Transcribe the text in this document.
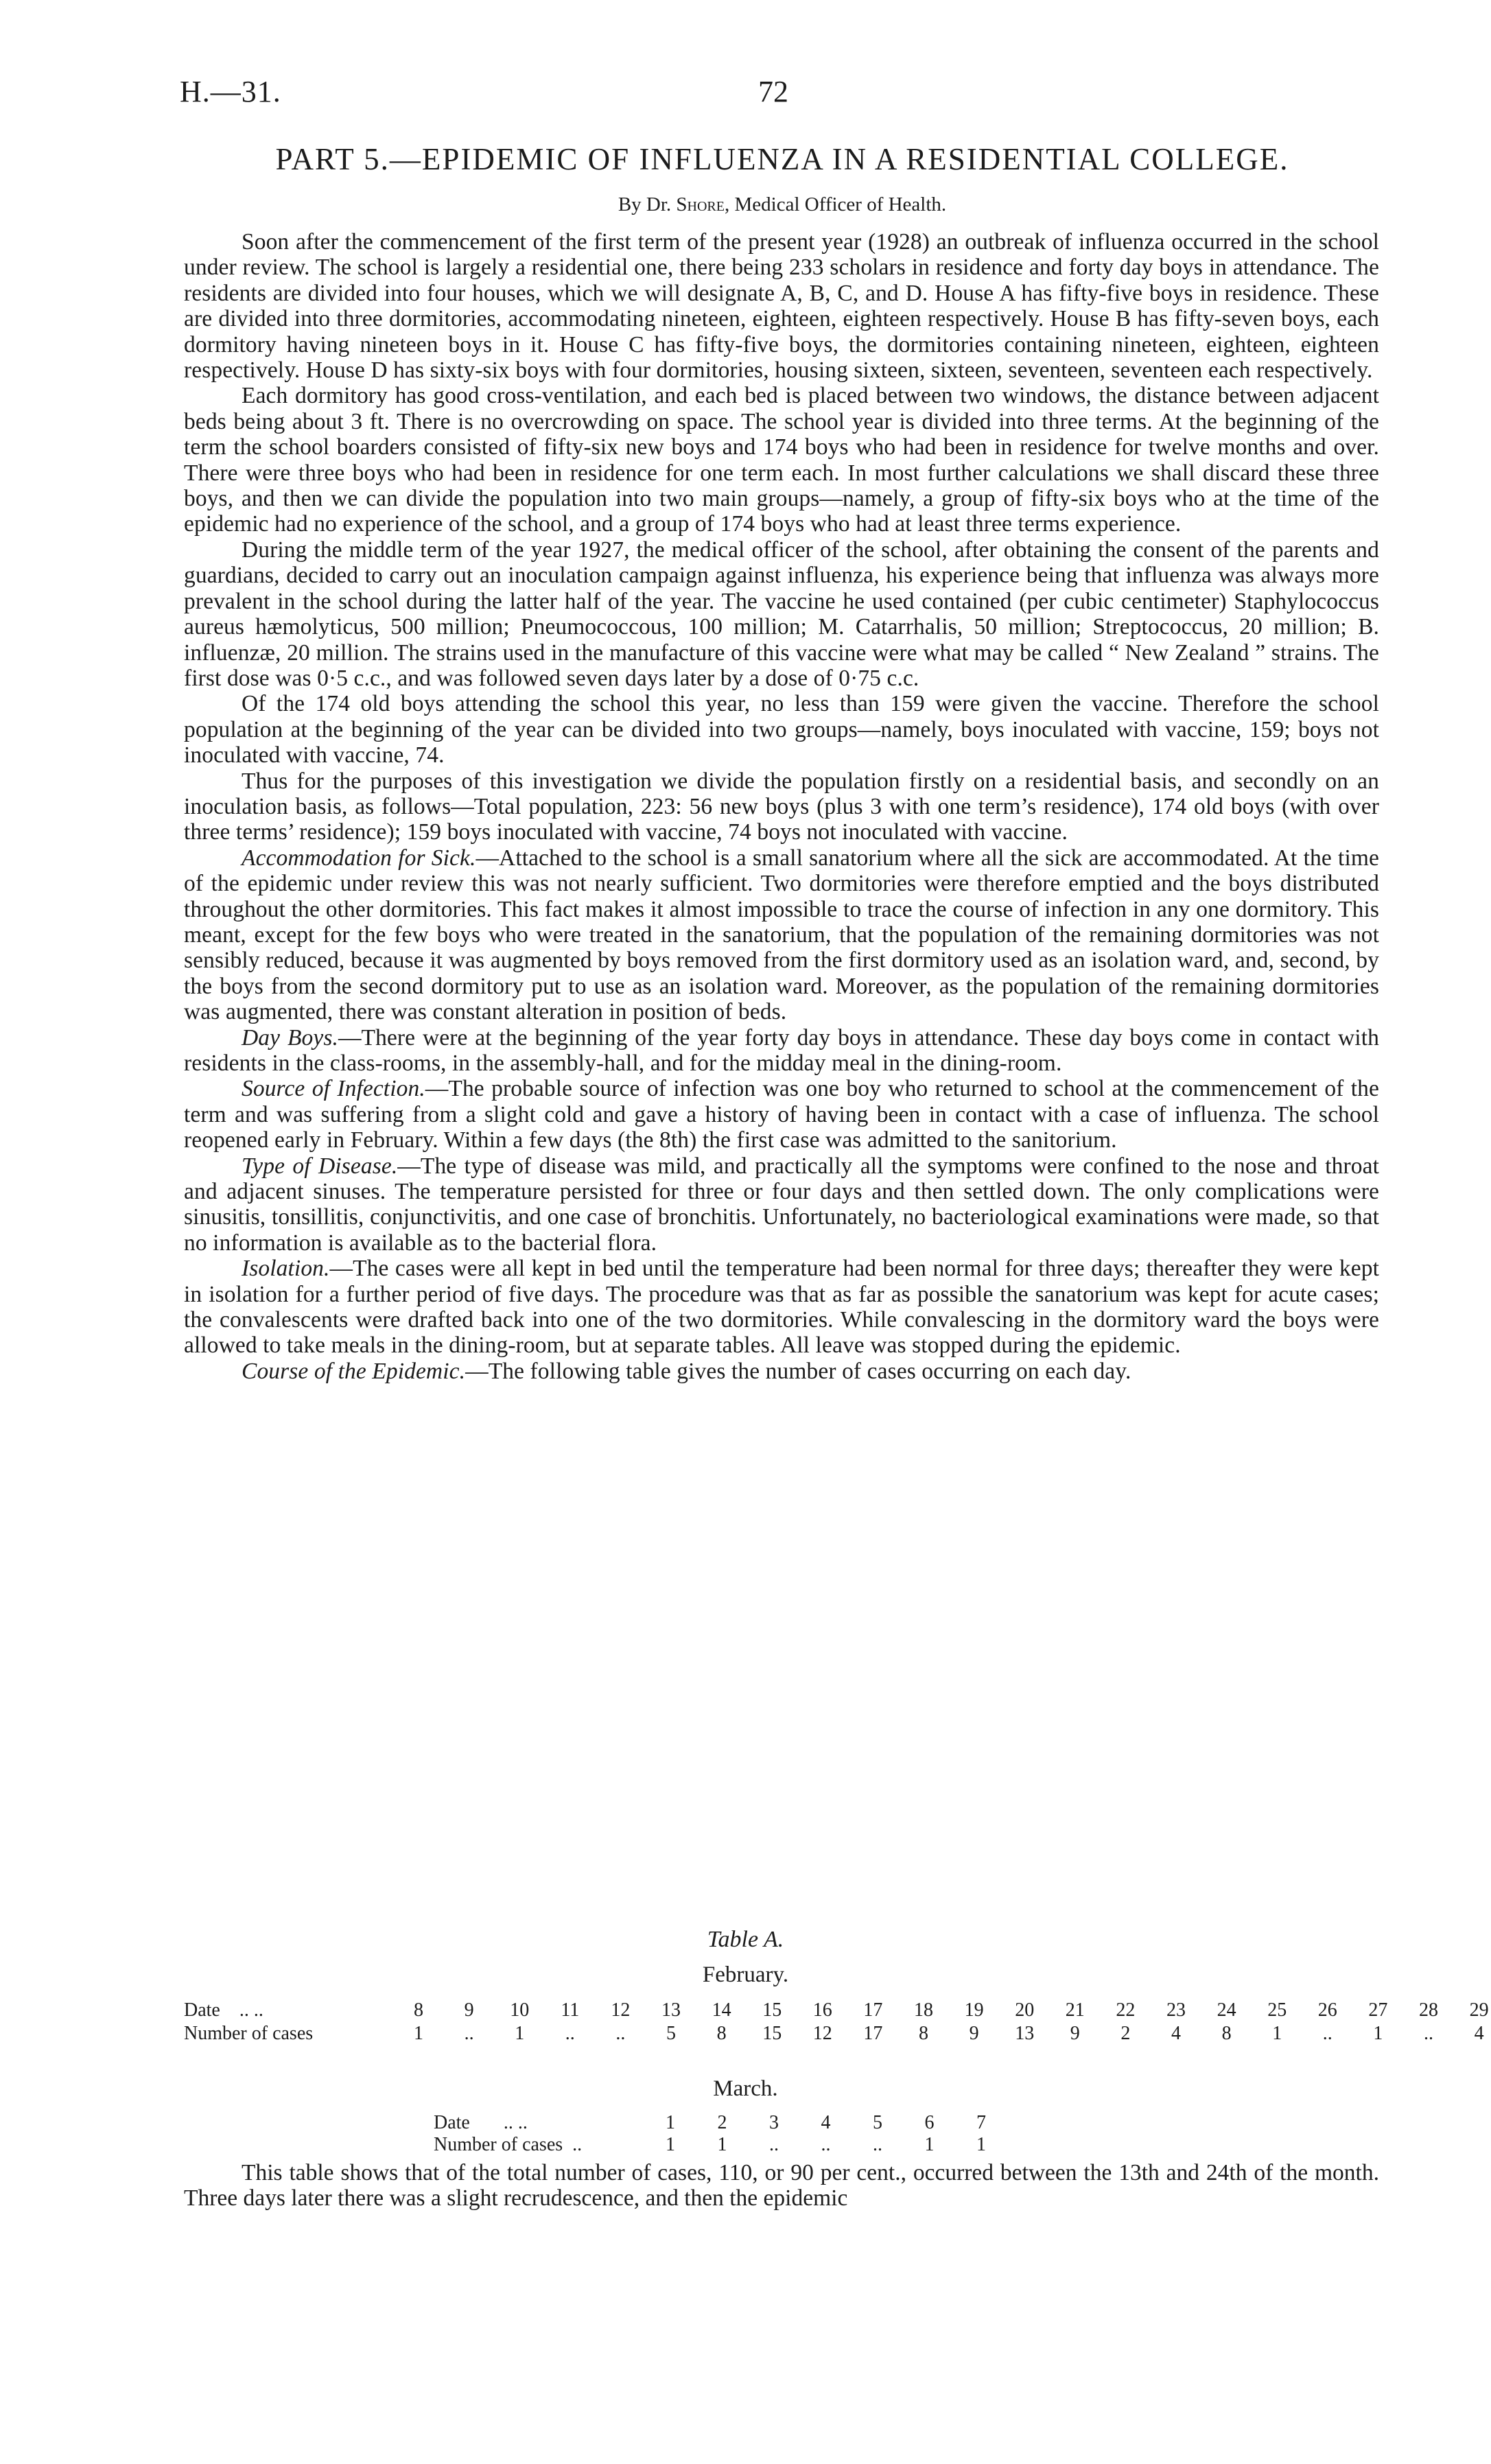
H.—31.	72
PART 5.—EPIDEMIC OF INFLUENZA IN A RESIDENTIAL COLLEGE.
By Dr. Shore, Medical Officer of Health.

Soon after the commencement of the first term of the present year (1928) an outbreak of influenza occurred in the school under review. The school is largely a residential one, there being 233 scholars in residence and forty day boys in attendance. The residents are divided into four houses, which we will designate A, B, C, and D. House A has fifty-five boys in residence. These are divided into three dormitories, accommodating nineteen, eighteen, eighteen respectively. House B has fifty-seven boys, each dormitory having nineteen boys in it. House C has fifty-five boys, the dormitories containing nineteen, eighteen, eighteen respectively. House D has sixty-six boys with four dormitories, housing sixteen, sixteen, seventeen, seventeen each respectively.

Each dormitory has good cross-ventilation, and each bed is placed between two windows, the distance between adjacent beds being about 3 ft. There is no overcrowding on space. The school year is divided into three terms. At the beginning of the term the school boarders consisted of fifty-six new boys and 174 boys who had been in residence for twelve months and over. There were three boys who had been in residence for one term each. In most further calculations we shall discard these three boys, and then we can divide the population into two main groups—namely, a group of fifty-six boys who at the time of the epidemic had no experience of the school, and a group of 174 boys who had at least three terms experience.

During the middle term of the year 1927, the medical officer of the school, after obtaining the consent of the parents and guardians, decided to carry out an inoculation campaign against influenza, his experience being that influenza was always more prevalent in the school during the latter half of the year. The vaccine he used contained (per cubic centimeter) Staphylococcus aureus hæmolyticus, 500 million; Pneumococcous, 100 million; M. Catarrhalis, 50 million; Streptococcus, 20 million; B. influenzæ, 20 million. The strains used in the manufacture of this vaccine were what may be called “ New Zealand ” strains. The first dose was 0·5 c.c., and was followed seven days later by a dose of 0·75 c.c.

Of the 174 old boys attending the school this year, no less than 159 were given the vaccine. Therefore the school population at the beginning of the year can be divided into two groups—namely, boys inoculated with vaccine, 159; boys not inoculated with vaccine, 74.

Thus for the purposes of this investigation we divide the population firstly on a residential basis, and secondly on an inoculation basis, as follows—Total population, 223: 56 new boys (plus 3 with one term’s residence), 174 old boys (with over three terms’ residence); 159 boys inoculated with vaccine, 74 boys not inoculated with vaccine.

Accommodation for Sick.—Attached to the school is a small sanatorium where all the sick are accommodated. At the time of the epidemic under review this was not nearly sufficient. Two dormitories were therefore emptied and the boys distributed throughout the other dormitories. This fact makes it almost impossible to trace the course of infection in any one dormitory. This meant, except for the few boys who were treated in the sanatorium, that the population of the remaining dormitories was not sensibly reduced, because it was augmented by boys removed from the first dormitory used as an isolation ward, and, second, by the boys from the second dormitory put to use as an isolation ward. Moreover, as the population of the remaining dormitories was augmented, there was constant alteration in position of beds.

Day Boys.—There were at the beginning of the year forty day boys in attendance. These day boys come in contact with residents in the class-rooms, in the assembly-hall, and for the midday meal in the dining-room.

Source of Infection.—The probable source of infection was one boy who returned to school at the commencement of the term and was suffering from a slight cold and gave a history of having been in contact with a case of influenza. The school reopened early in February. Within a few days (the 8th) the first case was admitted to the sanitorium.

Type of Disease.—The type of disease was mild, and practically all the symptoms were confined to the nose and throat and adjacent sinuses. The temperature persisted for three or four days and then settled down. The only complications were sinusitis, tonsillitis, conjunctivitis, and one case of bronchitis. Unfortunately, no bacteriological examinations were made, so that no information is available as to the bacterial flora.

Isolation.—The cases were all kept in bed until the temperature had been normal for three days; thereafter they were kept in isolation for a further period of five days. The procedure was that as far as possible the sanatorium was kept for acute cases; the convalescents were drafted back into one of the two dormitories. While convalescing in the dormitory ward the boys were allowed to take meals in the dining-room, but at separate tables. All leave was stopped during the epidemic.

Course of the Epidemic.—The following table gives the number of cases occurring on each day.

Table A.
February.
Date .. ..	8	9	10	11	12	13	14	15	16	17	18	19	20	21	22	23	24	25	26	27	28	29
Number of cases	1	..	1	..	..	5	8	15	12	17	8	9	13	9	2	4	8	1	..	1	..	4
March.
Date .. ..	1	2	3	4	5	6	7
Number of cases ..	1	1	..	..	..	1	1

This table shows that of the total number of cases, 110, or 90 per cent., occurred between the 13th and 24th of the month. Three days later there was a slight recrudescence, and then the epidemic
